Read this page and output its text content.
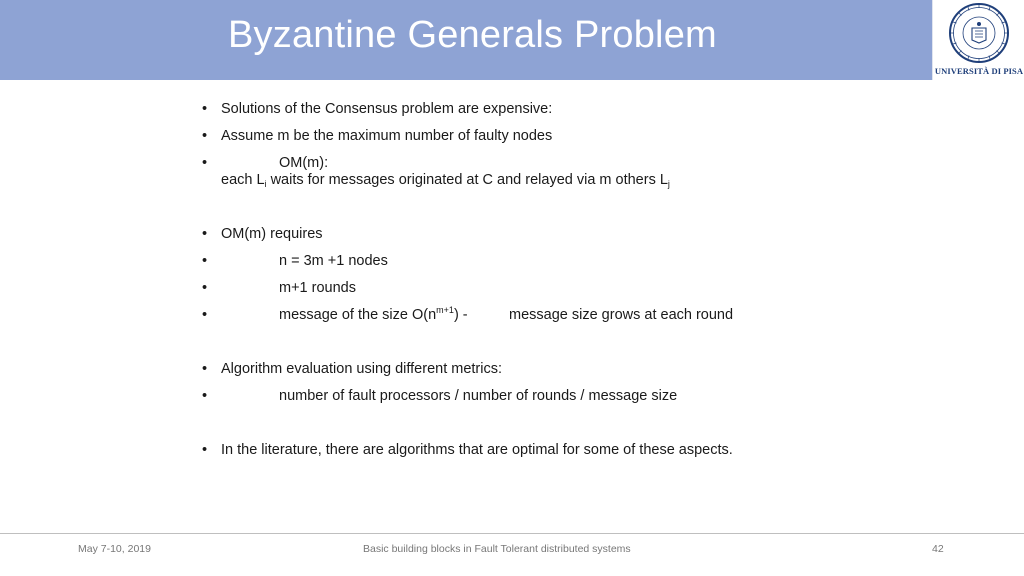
Byzantine Generals Problem
UNIVERSITÀ DI PISA
• Solutions of the Consensus problem are expensive:
• Assume m be the maximum number of faulty nodes
•	OM(m):
each $L_i$ waits for messages originated at C and relayed via m others $L_j$
• OM(m) requires
•	n = 3m +1 nodes
•	m+1 rounds
•	message of the size $O(n^{m+1})$ -	message size grows at each round
• Algorithm evaluation using different metrics:
•	number of fault processors / number of rounds / message size
• In the literature, there are algorithms that are optimal for some of these aspects.
May 7-10, 2019	Basic building blocks in Fault Tolerant distributed systems	42
